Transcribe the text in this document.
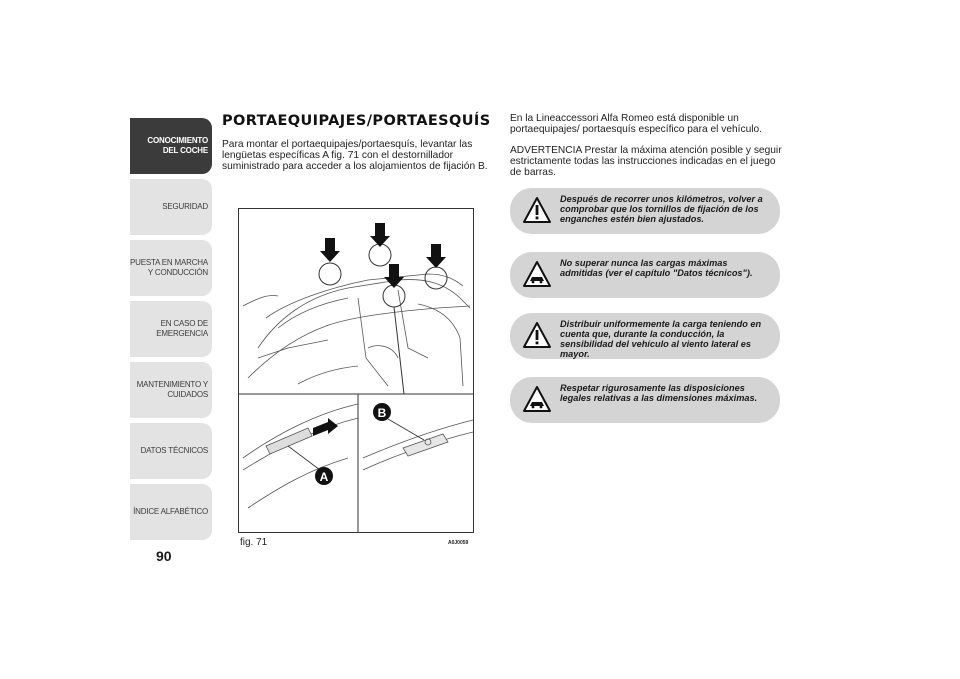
CONOCIMIENTO
DEL COCHE
SEGURIDAD
PUESTA EN MARCHA
Y CONDUCCIÓN
EN CASO DE
EMERGENCIA
MANTENIMIENTO Y
CUIDADOS
DATOS TÉCNICOS
ÍNDICE ALFABÉTICO
90
PORTAEQUIPAJES/PORTAESQUÍS

Para montar el portaequipajes/portaesquís, levantar las lengüetas específicas A fig. 71 con el destornillador suministrado para acceder a los alojamientos de fijación B.

A
B
fig. 71	A0J0059

En la Lineaccessori Alfa Romeo está disponible un portaequipajes/ portaesquís específico para el vehículo.

ADVERTENCIA Prestar la máxima atención posible y seguir estrictamente todas las instrucciones indicadas en el juego de barras.

Después de recorrer unos kilómetros, volver a comprobar que los tornillos de fijación de los enganches estén bien ajustados.

No superar nunca las cargas máximas admitidas (ver el capítulo "Datos técnicos").

Distribuir uniformemente la carga teniendo en cuenta que, durante la conducción, la sensibilidad del vehículo al viento lateral es mayor.

Respetar rigurosamente las disposiciones legales relativas a las dimensiones máximas.
